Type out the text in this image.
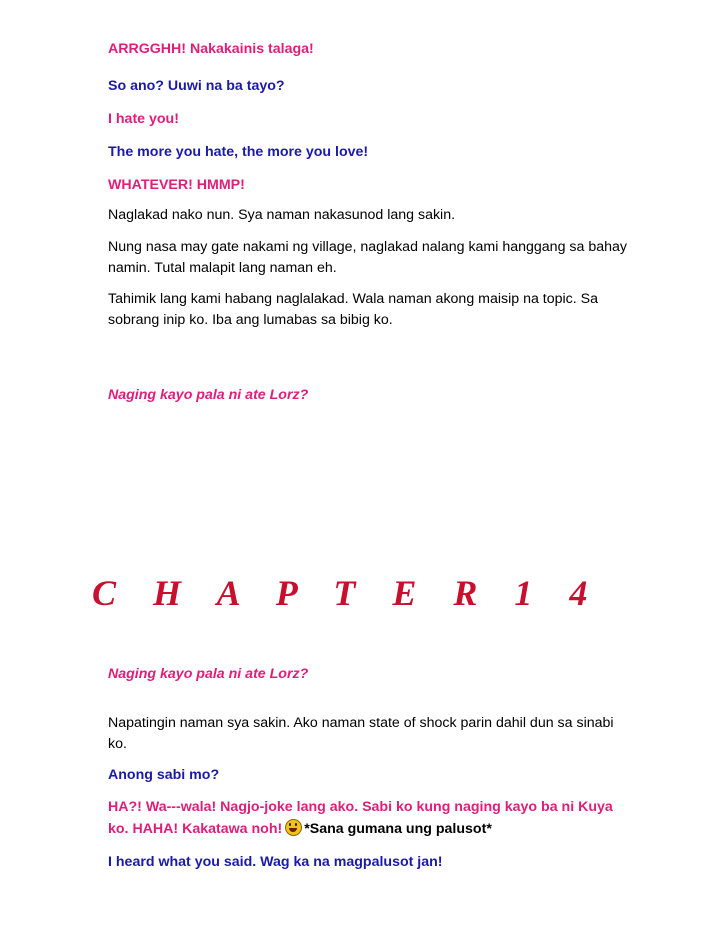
ARRGGHH! Nakakainis talaga!

So ano? Uuwi na ba tayo?

I hate you!

The more you hate, the more you love!

WHATEVER! HMMP!

Naglakad nako nun. Sya naman nakasunod lang sakin.

Nung nasa may gate nakami ng village, naglakad nalang kami hanggang sa bahay namin. Tutal malapit lang naman eh.

Tahimik lang kami habang naglalakad. Wala naman akong maisip na topic. Sa sobrang inip ko. Iba ang lumabas sa bibig ko.

Naging kayo pala ni ate Lorz?

Naging kayo pala ni ate Lorz?

Napatingin naman sya sakin. Ako naman state of shock parin dahil dun sa sinabi ko.

Anong sabi mo?

HA?! Wa---wala! Nagjo-joke lang ako. Sabi ko kung naging kayo ba ni Kuya ko. HAHA! Kakatawa noh! *Sana gumana ung palusot*

I heard what you said. Wag ka na magpalusot jan!

C H A P T E R 1 4
